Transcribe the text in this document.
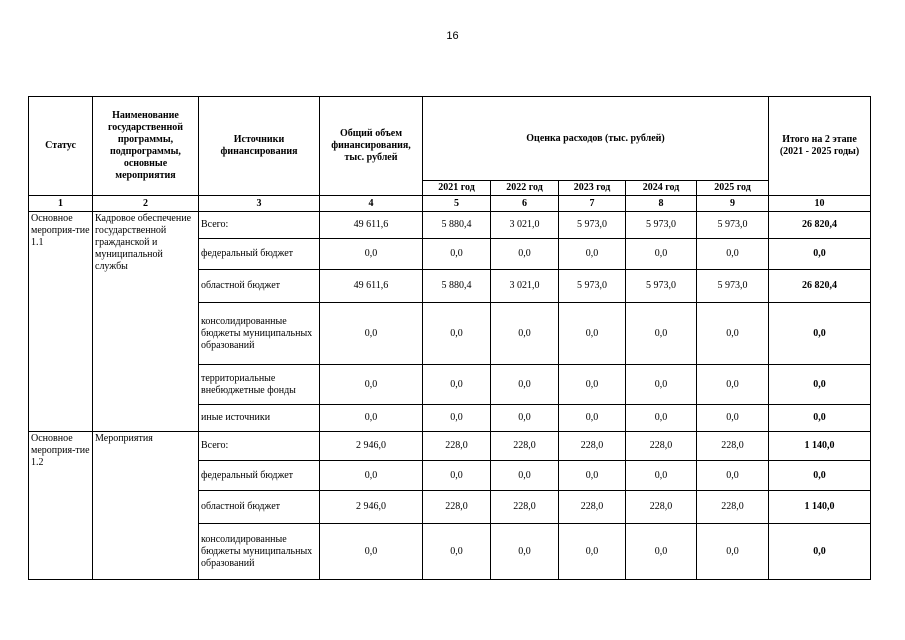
16
Статус	Наименование государственной программы, подпрограммы, основные мероприятия	Источники финансирования	Общий объем финансирования, тыс. рублей	Оценка расходов (тыс. рублей)					Итого на 2 этапе (2021 - 2025 годы)
				2021 год	2022 год	2023 год	2024 год	2025 год	
1	2	3	4	5	6	7	8	9	10
Основное мероприя-тие 1.1	Кадровое обеспечение государственной гражданской и муниципальной службы	Всего:	49 611,6	5 880,4	3 021,0	5 973,0	5 973,0	5 973,0	26 820,4
		федеральный бюджет	0,0	0,0	0,0	0,0	0,0	0,0	0,0
		областной бюджет	49 611,6	5 880,4	3 021,0	5 973,0	5 973,0	5 973,0	26 820,4
		консолидированные бюджеты муниципальных образований	0,0	0,0	0,0	0,0	0,0	0,0	0,0
		территориальные внебюджетные фонды	0,0	0,0	0,0	0,0	0,0	0,0	0,0
		иные источники	0,0	0,0	0,0	0,0	0,0	0,0	0,0
Основное мероприя-тие 1.2	Мероприятия	Всего:	2 946,0	228,0	228,0	228,0	228,0	228,0	1 140,0
		федеральный бюджет	0,0	0,0	0,0	0,0	0,0	0,0	0,0
		областной бюджет	2 946,0	228,0	228,0	228,0	228,0	228,0	1 140,0
		консолидированные бюджеты муниципальных образований	0,0	0,0	0,0	0,0	0,0	0,0	0,0
